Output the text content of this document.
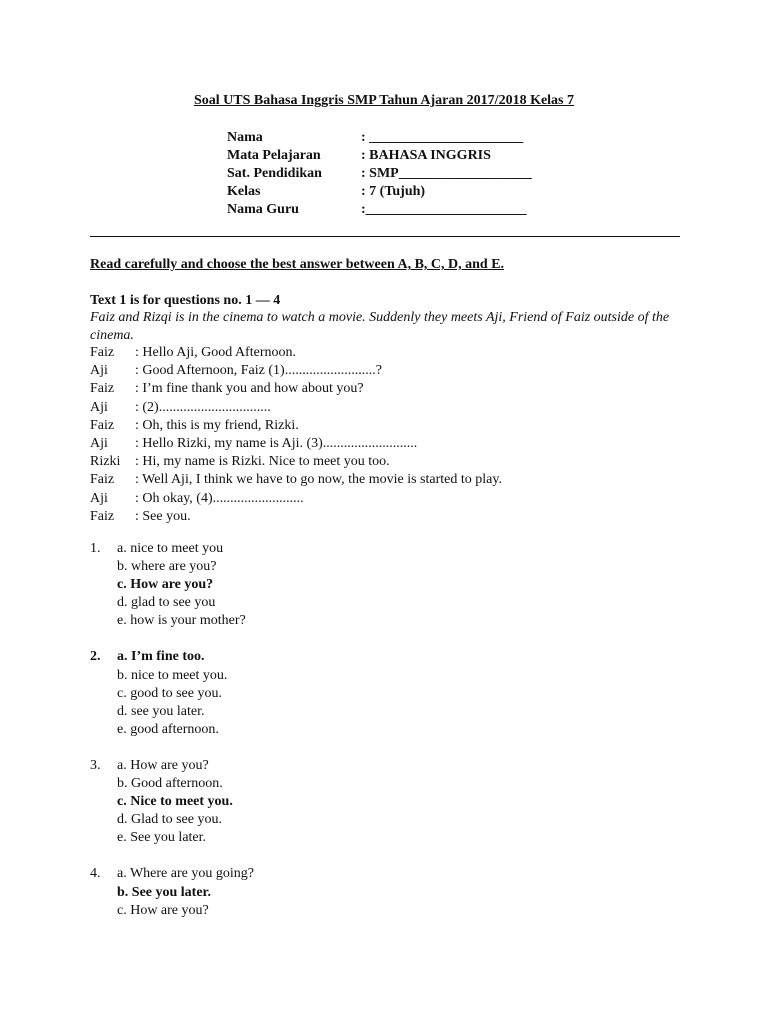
Soal UTS Bahasa Inggris SMP Tahun Ajaran 2017/2018 Kelas 7
Nama	: ______________________
Mata Pelajaran	: BAHASA INGGRIS
Sat. Pendidikan	: SMP___________________
Kelas	: 7 (Tujuh)
Nama Guru	:_______________________
Read carefully and choose the best answer between A, B, C, D, and E.
Text 1 is for questions no. 1 — 4
Faiz and Rizqi is in the cinema to watch a movie. Suddenly they meets Aji, Friend of Faiz outside of the cinema.
Faiz : Hello Aji, Good Afternoon.
Aji : Good Afternoon, Faiz (1)..........................?
Faiz : I’m fine thank you and how about you?
Aji : (2)................................
Faiz : Oh, this is my friend, Rizki.
Aji : Hello Rizki, my name is Aji. (3)...........................
Rizki : Hi, my name is Rizki. Nice to meet you too.
Faiz : Well Aji, I think we have to go now, the movie is started to play.
Aji : Oh okay, (4)..........................
Faiz : See you.
1. a. nice to meet you
b. where are you?
c. How are you?
d. glad to see you
e. how is your mother?
2. a. I’m fine too.
b. nice to meet you.
c. good to see you.
d. see you later.
e. good afternoon.
3. a. How are you?
b. Good afternoon.
c. Nice to meet you.
d. Glad to see you.
e. See you later.
4. a. Where are you going?
b. See you later.
c. How are you?
